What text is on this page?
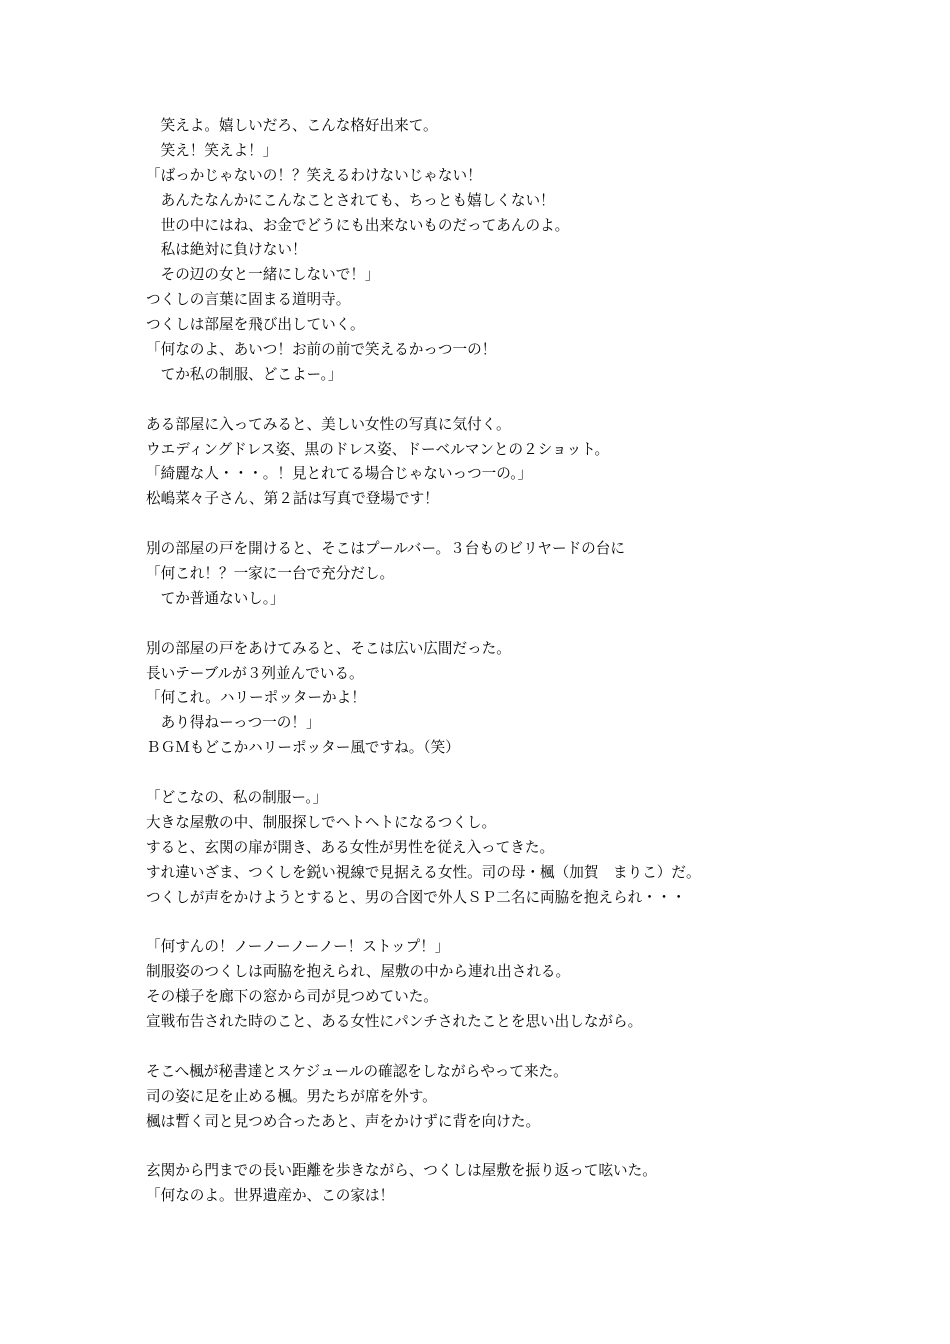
　笑えよ。嬉しいだろ、こんな格好出来て。
　笑え！笑えよ！」
「ばっかじゃないの！？笑えるわけないじゃない！
　あんたなんかにこんなことされても、ちっとも嬉しくない！
　世の中にはね、お金でどうにも出来ないものだってあんのよ。
　私は絶対に負けない！
　その辺の女と一緒にしないで！」
つくしの言葉に固まる道明寺。
つくしは部屋を飛び出していく。
「何なのよ、あいつ！お前の前で笑えるかっつ一の！
　てか私の制服、どこよー。」
ある部屋に入ってみると、美しい女性の写真に気付く。
ウエディングドレス姿、黒のドレス姿、ドーベルマンとの２ショット。
「綺麗な人・・・。！見とれてる場合じゃないっつ一の。」
松嶋菜々子さん、第２話は写真で登場です！
別の部屋の戸を開けると、そこはプールバー。３台ものビリヤードの台に
「何これ！？一家に一台で充分だし。
　てか普通ないし。」
別の部屋の戸をあけてみると、そこは広い広間だった。
長いテーブルが３列並んでいる。
「何これ。ハリーポッターかよ！
　あり得ねーっつ一の！」
ＢＧＭもどこかハリーポッター風ですね。（笑）
「どこなの、私の制服ー。」
大きな屋敷の中、制服探しでヘトヘトになるつくし。
すると、玄関の扉が開き、ある女性が男性を従え入ってきた。
すれ違いざま、つくしを鋭い視線で見据える女性。司の母・楓（加賀　まりこ）だ。
つくしが声をかけようとすると、男の合図で外人ＳＰ二名に両脇を抱えられ・・・
「何すんの！ノーノーノーノー！ストップ！」
制服姿のつくしは両脇を抱えられ、屋敷の中から連れ出される。
その様子を廊下の窓から司が見つめていた。
宣戦布告された時のこと、ある女性にパンチされたことを思い出しながら。
そこへ楓が秘書達とスケジュールの確認をしながらやって来た。
司の姿に足を止める楓。男たちが席を外す。
楓は暫く司と見つめ合ったあと、声をかけずに背を向けた。
玄関から門までの長い距離を歩きながら、つくしは屋敷を振り返って呟いた。
「何なのよ。世界遺産か、この家は！
